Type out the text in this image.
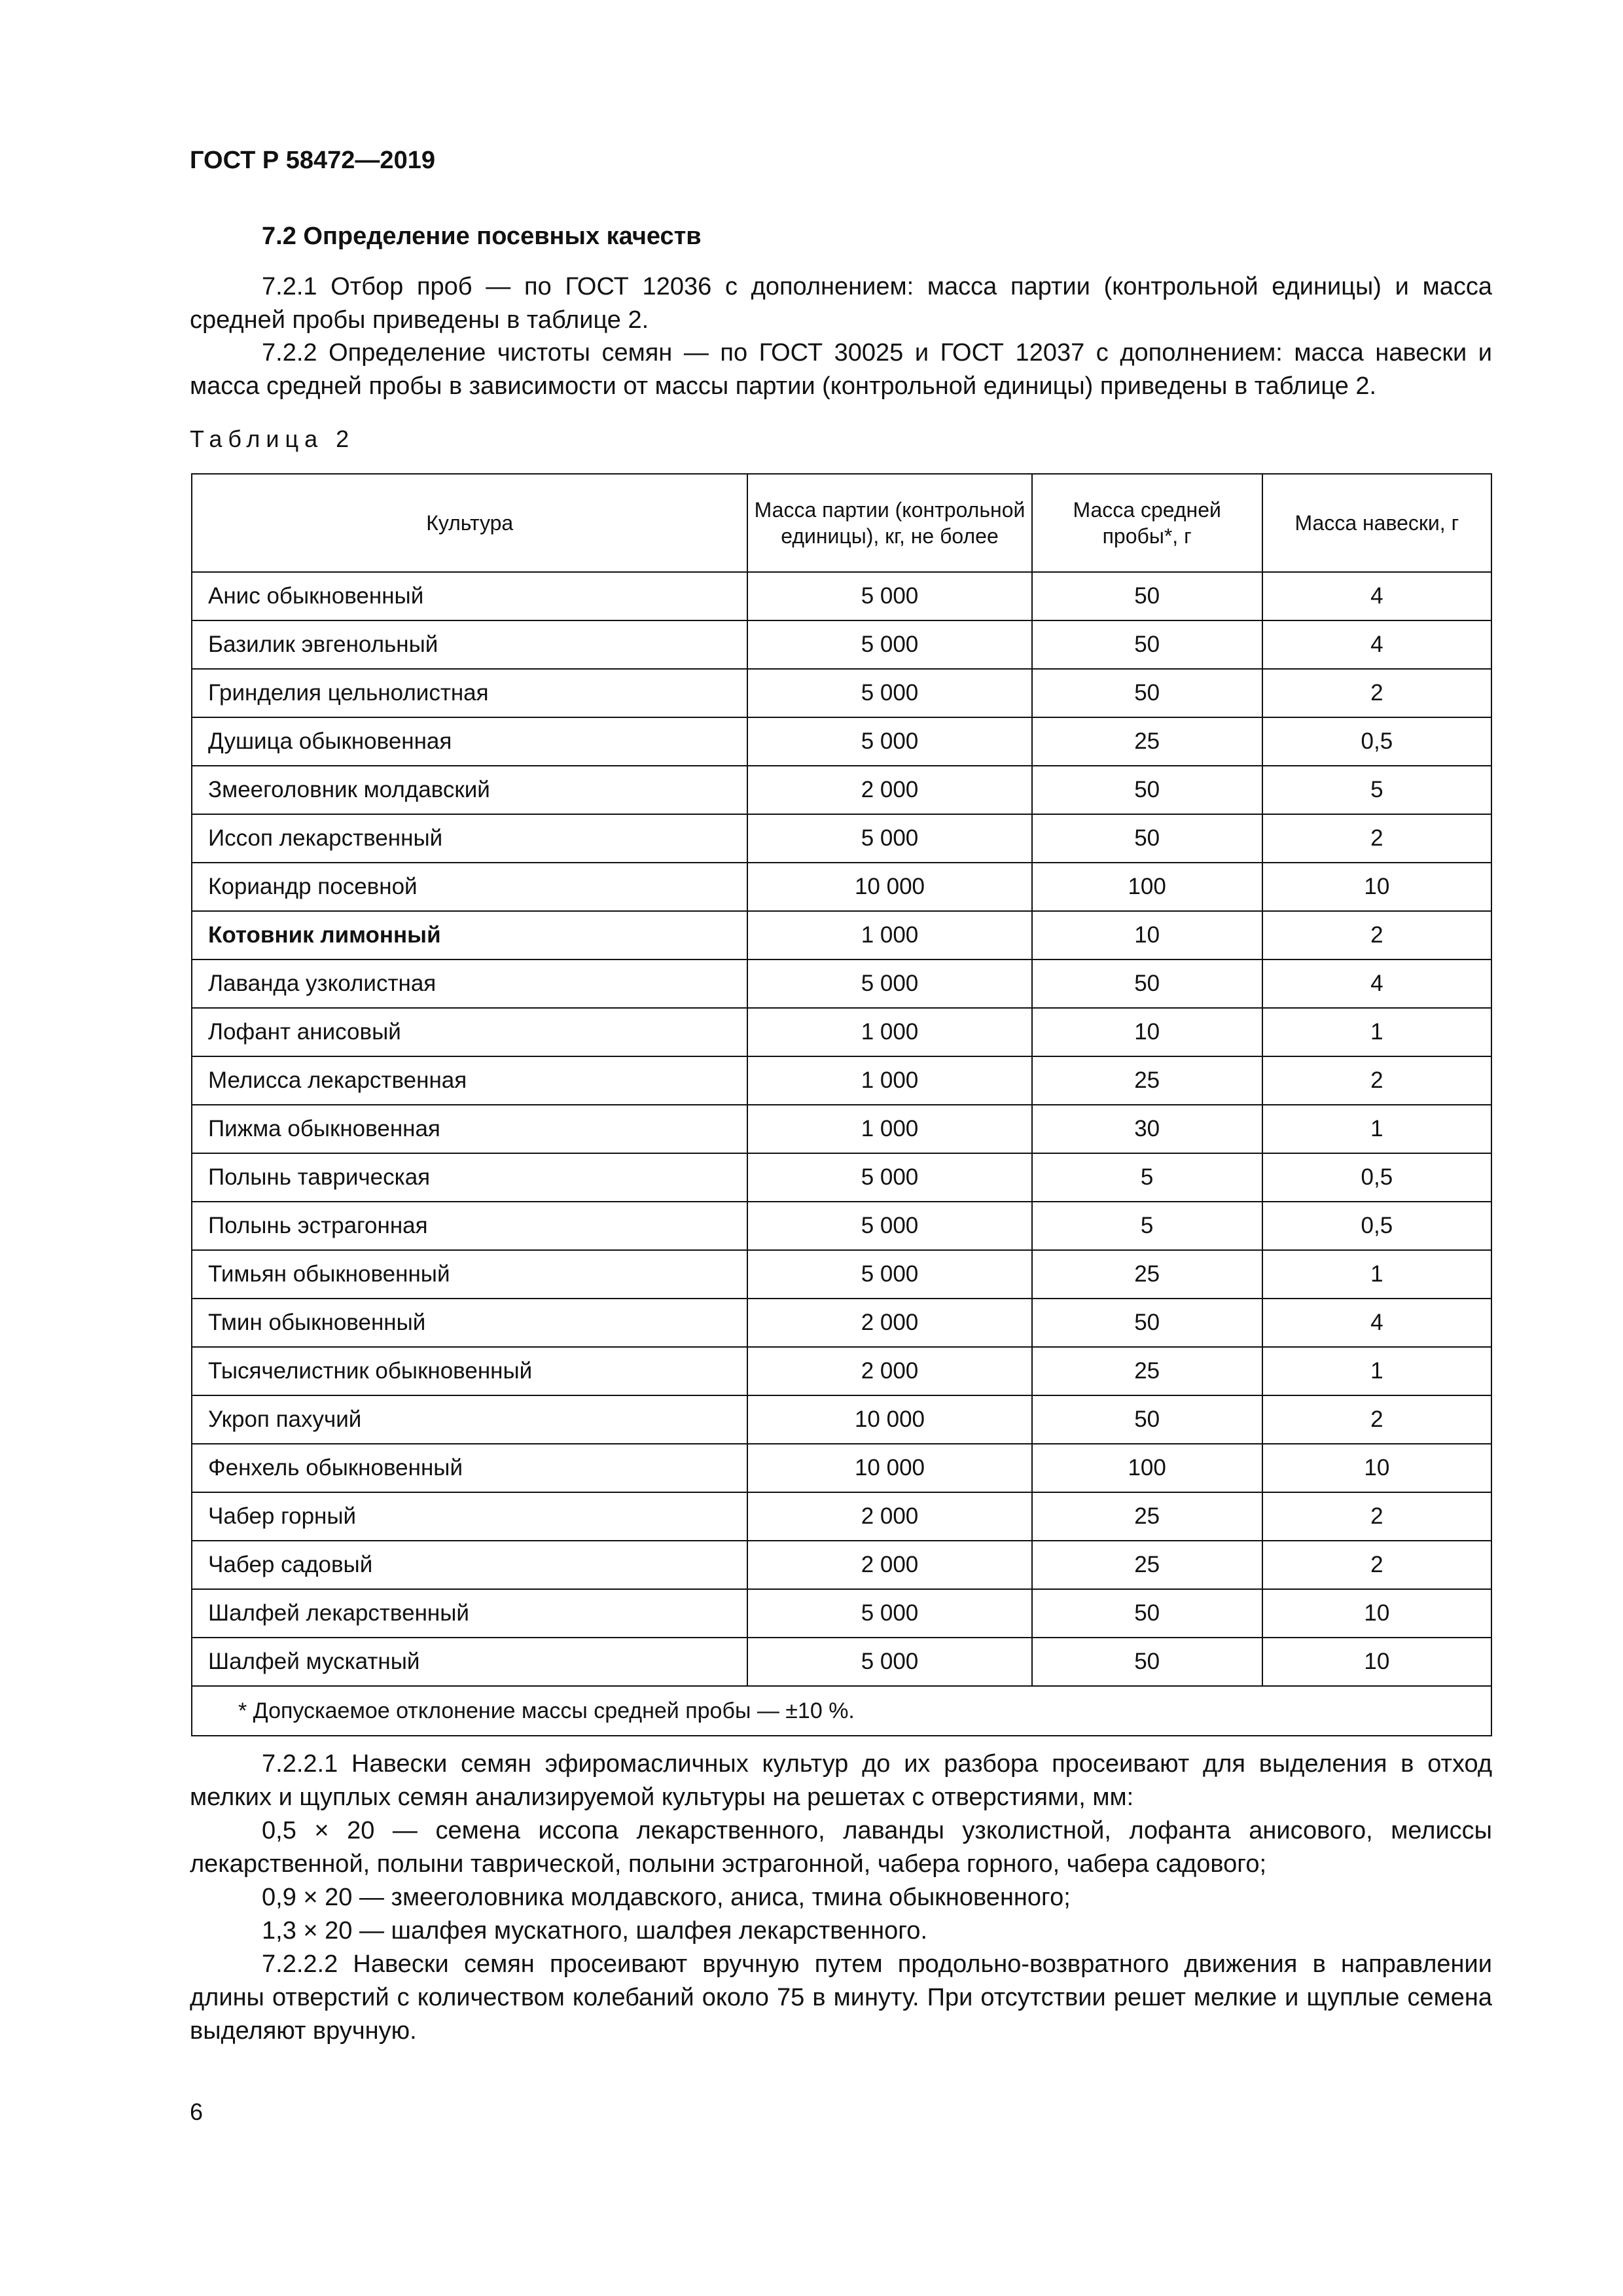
ГОСТ Р 58472—2019
7.2 Определение посевных качеств

7.2.1 Отбор проб — по ГОСТ 12036 с дополнением: масса партии (контрольной единицы) и масса средней пробы приведены в таблице 2.

7.2.2 Определение чистоты семян — по ГОСТ 30025 и ГОСТ 12037 с дополнением: масса навески и масса средней пробы в зависимости от массы партии (контрольной единицы) приведены в таблице 2.

Таблица 2
Культура	Масса партии (контрольной единицы), кг, не более	Масса средней пробы*, г	Масса навески, г
Анис обыкновенный	5 000	50	4
Базилик эвгенольный	5 000	50	4
Гринделия цельнолистная	5 000	50	2
Душица обыкновенная	5 000	25	0,5
Змееголовник молдавский	2 000	50	5
Иссоп лекарственный	5 000	50	2
Кориандр посевной	10 000	100	10
Котовник лимонный	1 000	10	2
Лаванда узколистная	5 000	50	4
Лофант анисовый	1 000	10	1
Мелисса лекарственная	1 000	25	2
Пижма обыкновенная	1 000	30	1
Полынь таврическая	5 000	5	0,5
Полынь эстрагонная	5 000	5	0,5
Тимьян обыкновенный	5 000	25	1
Тмин обыкновенный	2 000	50	4
Тысячелистник обыкновенный	2 000	25	1
Укроп пахучий	10 000	50	2
Фенхель обыкновенный	10 000	100	10
Чабер горный	2 000	25	2
Чабер садовый	2 000	25	2
Шалфей лекарственный	5 000	50	10
Шалфей мускатный	5 000	50	10
* Допускаемое отклонение массы средней пробы — ±10 %.			

7.2.2.1 Навески семян эфиромасличных культур до их разбора просеивают для выделения в отход мелких и щуплых семян анализируемой культуры на решетах с отверстиями, мм:

0,5 × 20 — семена иссопа лекарственного, лаванды узколистной, лофанта анисового, мелиссы лекарственной, полыни таврической, полыни эстрагонной, чабера горного, чабера садового;

0,9 × 20 — змееголовника молдавского, аниса, тмина обыкновенного;

1,3 × 20 — шалфея мускатного, шалфея лекарственного.

7.2.2.2 Навески семян просеивают вручную путем продольно-возвратного движения в направлении длины отверстий с количеством колебаний около 75 в минуту. При отсутствии решет мелкие и щуплые семена выделяют вручную.

6
